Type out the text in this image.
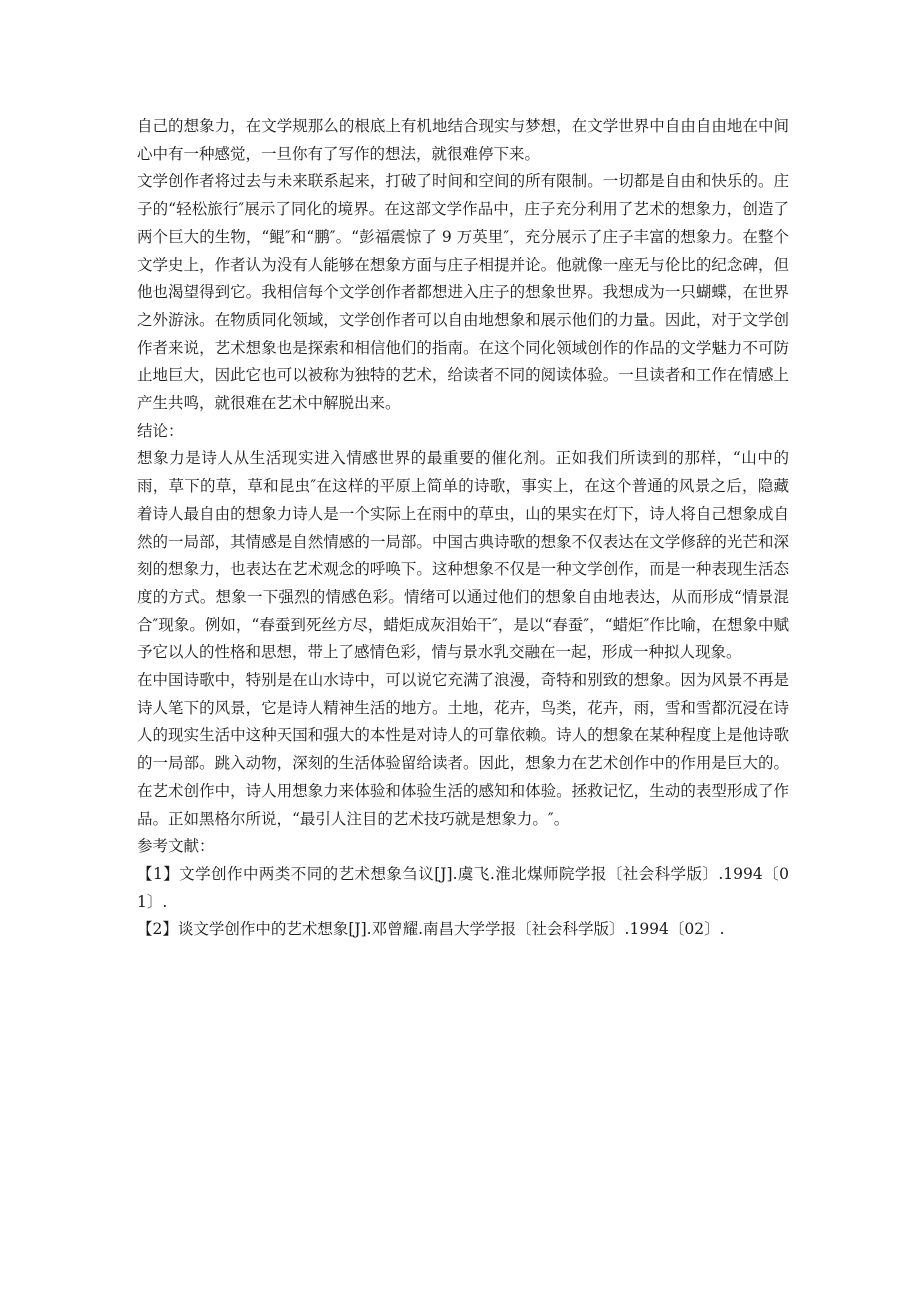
自己的想象力，在文学规那么的根底上有机地结合现实与梦想，在文学世界中自由自由地在中间心中有一种感觉，一旦你有了写作的想法，就很难停下来。

文学创作者将过去与未来联系起来，打破了时间和空间的所有限制。一切都是自由和快乐的。庄子的“轻松旅行″展示了同化的境界。在这部文学作品中，庄子充分利用了艺术的想象力，创造了两个巨大的生物，“鲲″和“鹏″。“彭福震惊了 9 万英里″，充分展示了庄子丰富的想象力。在整个文学史上，作者认为没有人能够在想象方面与庄子相提并论。他就像一座无与伦比的纪念碑，但他也渴望得到它。我相信每个文学创作者都想进入庄子的想象世界。我想成为一只蝴蝶，在世界之外游泳。在物质同化领域，文学创作者可以自由地想象和展示他们的力量。因此，对于文学创作者来说，艺术想象也是探索和相信他们的指南。在这个同化领域创作的作品的文学魅力不可防止地巨大，因此它也可以被称为独特的艺术，给读者不同的阅读体验。一旦读者和工作在情感上产生共鸣，就很难在艺术中解脱出来。

结论：

想象力是诗人从生活现实进入情感世界的最重要的催化剂。正如我们所读到的那样，“山中的雨，草下的草，草和昆虫″在这样的平原上简单的诗歌，事实上，在这个普通的风景之后，隐藏着诗人最自由的想象力诗人是一个实际上在雨中的草虫，山的果实在灯下，诗人将自己想象成自然的一局部，其情感是自然情感的一局部。中国古典诗歌的想象不仅表达在文学修辞的光芒和深刻的想象力，也表达在艺术观念的呼唤下。这种想象不仅是一种文学创作，而是一种表现生活态度的方式。想象一下强烈的情感色彩。情绪可以通过他们的想象自由地表达，从而形成“情景混合″现象。例如，“春蚕到死丝方尽，蜡炬成灰泪始干″，是以“春蚕″，“蜡炬″作比喻，在想象中赋予它以人的性格和思想，带上了感情色彩，情与景水乳交融在一起，形成一种拟人现象。

在中国诗歌中，特别是在山水诗中，可以说它充满了浪漫，奇特和别致的想象。因为风景不再是诗人笔下的风景，它是诗人精神生活的地方。土地，花卉，鸟类，花卉，雨，雪和雪都沉浸在诗人的现实生活中这种天国和强大的本性是对诗人的可靠依赖。诗人的想象在某种程度上是他诗歌的一局部。跳入动物，深刻的生活体验留给读者。因此，想象力在艺术创作中的作用是巨大的。在艺术创作中，诗人用想象力来体验和体验生活的感知和体验。拯救记忆，生动的表型形成了作品。正如黑格尔所说，“最引人注目的艺术技巧就是想象力。″。

参考文献：

【1】文学创作中两类不同的艺术想象刍议[J].虞飞.淮北煤师院学报〔社会科学版〕.1994〔01〕.

【2】谈文学创作中的艺术想象[J].邓曾耀.南昌大学学报〔社会科学版〕.1994〔02〕.
